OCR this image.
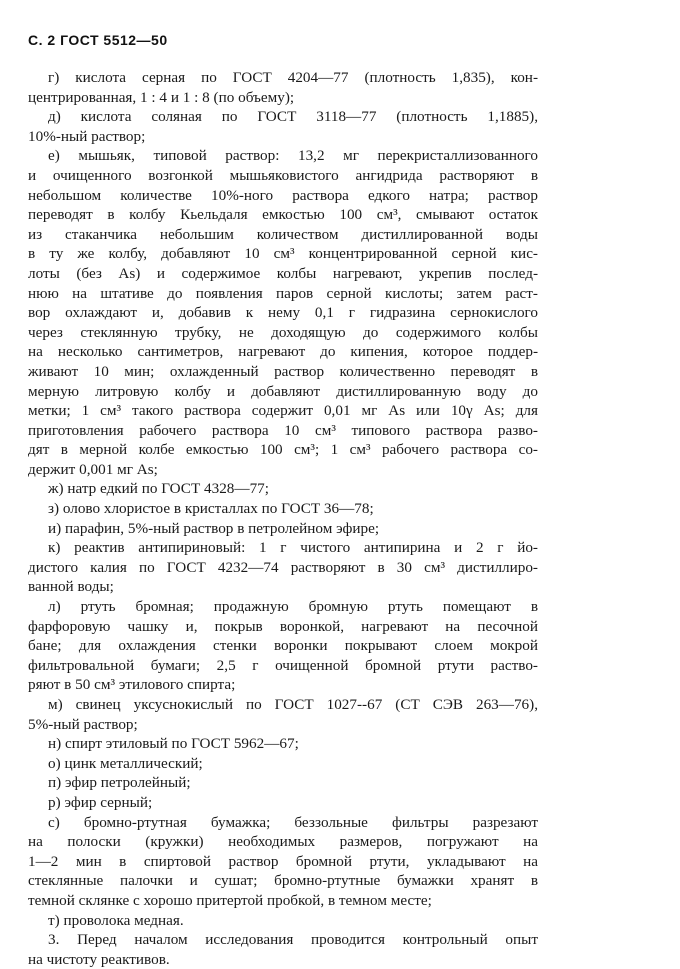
С. 2 ГОСТ 5512—50
г) кислота серная по ГОСТ 4204—77 (плотность 1,835), кон-
центрированная, 1 : 4 и 1 : 8 (по объему);
д) кислота соляная по ГОСТ 3118—77 (плотность 1,1885),
10%-ный раствор;
е) мышьяк, типовой раствор: 13,2 мг перекристаллизованного
и очищенного возгонкой мышьяковистого ангидрида растворяют в
небольшом количестве 10%-ного раствора едкого натра; раствор
переводят в колбу Кьельдаля емкостью 100 см³, смывают остаток
из стаканчика небольшим количеством дистиллированной воды
в ту же колбу, добавляют 10 см³ концентрированной серной кис-
лоты (без As) и содержимое колбы нагревают, укрепив послед-
нюю на штативе до появления паров серной кислоты; затем раст-
вор охлаждают и, добавив к нему 0,1 г гидразина сернокислого
через стеклянную трубку, не доходящую до содержимого колбы
на несколько сантиметров, нагревают до кипения, которое поддер-
живают 10 мин; охлажденный раствор количественно переводят в
мерную литровую колбу и добавляют дистиллированную воду до
метки; 1 см³ такого раствора содержит 0,01 мг As или 10γ As; для
приготовления рабочего раствора 10 см³ типового раствора разво-
дят в мерной колбе емкостью 100 см³; 1 см³ рабочего раствора со-
держит 0,001 мг As;
ж) натр едкий по ГОСТ 4328—77;
з) олово хлористое в кристаллах по ГОСТ 36—78;
и) парафин, 5%-ный раствор в петролейном эфире;
к) реактив антипириновый: 1 г чистого антипирина и 2 г йо-
дистого калия по ГОСТ 4232—74 растворяют в 30 см³ дистиллиро-
ванной воды;
л) ртуть бромная; продажную бромную ртуть помещают в
фарфоровую чашку и, покрыв воронкой, нагревают на песочной
бане; для охлаждения стенки воронки покрывают слоем мокрой
фильтровальной бумаги; 2,5 г очищенной бромной ртути раство-
ряют в 50 см³ этилового спирта;
м) свинец уксуснокислый по ГОСТ 1027--67 (СТ СЭВ 263—76),
5%-ный раствор;
н) спирт этиловый по ГОСТ 5962—67;
о) цинк металлический;
п) эфир петролейный;
р) эфир серный;
с) бромно-ртутная бумажка; беззольные фильтры разрезают
на полоски (кружки) необходимых размеров, погружают на
1—2 мин в спиртовой раствор бромной ртути, укладывают на
стеклянные палочки и сушат; бромно-ртутные бумажки хранят в
темной склянке с хорошо притертой пробкой, в темном месте;
т) проволока медная.
3. Перед началом исследования проводится контрольный опыт
на чистоту реактивов.
